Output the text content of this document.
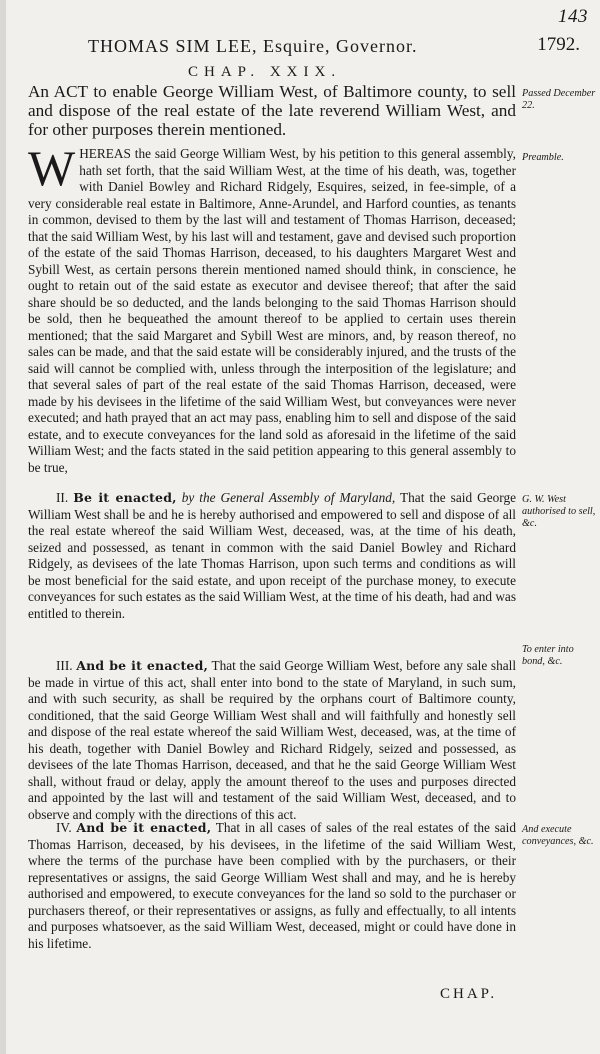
143
THOMAS SIM LEE, Esquire, Governor.	1792.
CHAP. XXIX.
An ACT to enable George William West, of Baltimore county, to sell and dispose of the real estate of the late reverend William West, and for other purposes therein mentioned.
Passed December 22.
WHEREAS the said George William West, by his petition to this general assembly, hath set forth, that the said William West, at the time of his death, was, together with Daniel Bowley and Richard Ridgely, Esquires, seized, in fee-simple, of a very considerable real estate in Baltimore, Anne-Arundel, and Harford counties, as tenants in common, devised to them by the last will and testament of Thomas Harrison, deceased; that the said William West, by his last will and testament, gave and devised such proportion of the estate of the said Thomas Harrison, deceased, to his daughters Margaret West and Sybill West, as certain persons therein mentioned named should think, in conscience, he ought to retain out of the said estate as executor and devisee thereof; that after the said share should be so deducted, and the lands belonging to the said Thomas Harrison should be sold, then he bequeathed the amount thereof to be applied to certain uses therein mentioned; that the said Margaret and Sybill West are minors, and, by reason thereof, no sales can be made, and that the said estate will be considerably injured, and the trusts of the said will cannot be complied with, unless through the interposition of the legislature; and that several sales of part of the real estate of the said Thomas Harrison, deceased, were made by his devisees in the lifetime of the said William West, but conveyances were never executed; and hath prayed that an act may pass, enabling him to sell and dispose of the said estate, and to execute conveyances for the land sold as aforesaid in the lifetime of the said William West; and the facts stated in the said petition appearing to this general assembly to be true,
Preamble.
II. Be it enacted, by the General Assembly of Maryland, That the said George William West shall be and he is hereby authorised and empowered to sell and dispose of all the real estate whereof the said William West, deceased, was, at the time of his death, seized and possessed, as tenant in common with the said Daniel Bowley and Richard Ridgely, as devisees of the late Thomas Harrison, upon such terms and conditions as will be most beneficial for the said estate, and upon receipt of the purchase money, to execute conveyances for such estates as the said William West, at the time of his death, had and was entitled to therein.
G. W. West authorised to sell, &c.
III. And be it enacted, That the said George William West, before any sale shall be made in virtue of this act, shall enter into bond to the state of Maryland, in such sum, and with such security, as shall be required by the orphans court of Baltimore county, conditioned, that the said George William West shall and will faithfully and honestly sell and dispose of the real estate whereof the said William West, deceased, was, at the time of his death, together with Daniel Bowley and Richard Ridgely, seized and possessed, as devisees of the late Thomas Harrison, deceased, and that he the said George William West shall, without fraud or delay, apply the amount thereof to the uses and purposes directed and appointed by the last will and testament of the said William West, deceased, and to observe and comply with the directions of this act.
To enter into bond, &c.
IV. And be it enacted, That in all cases of sales of the real estates of the said Thomas Harrison, deceased, by his devisees, in the lifetime of the said William West, where the terms of the purchase have been complied with by the purchasers, or their representatives or assigns, the said George William West shall and may, and he is hereby authorised and empowered, to execute conveyances for the land so sold to the purchaser or purchasers thereof, or their representatives or assigns, as fully and effectually, to all intents and purposes whatsoever, as the said William West, deceased, might or could have done in his lifetime.
And execute conveyances, &c.
CHAP.
